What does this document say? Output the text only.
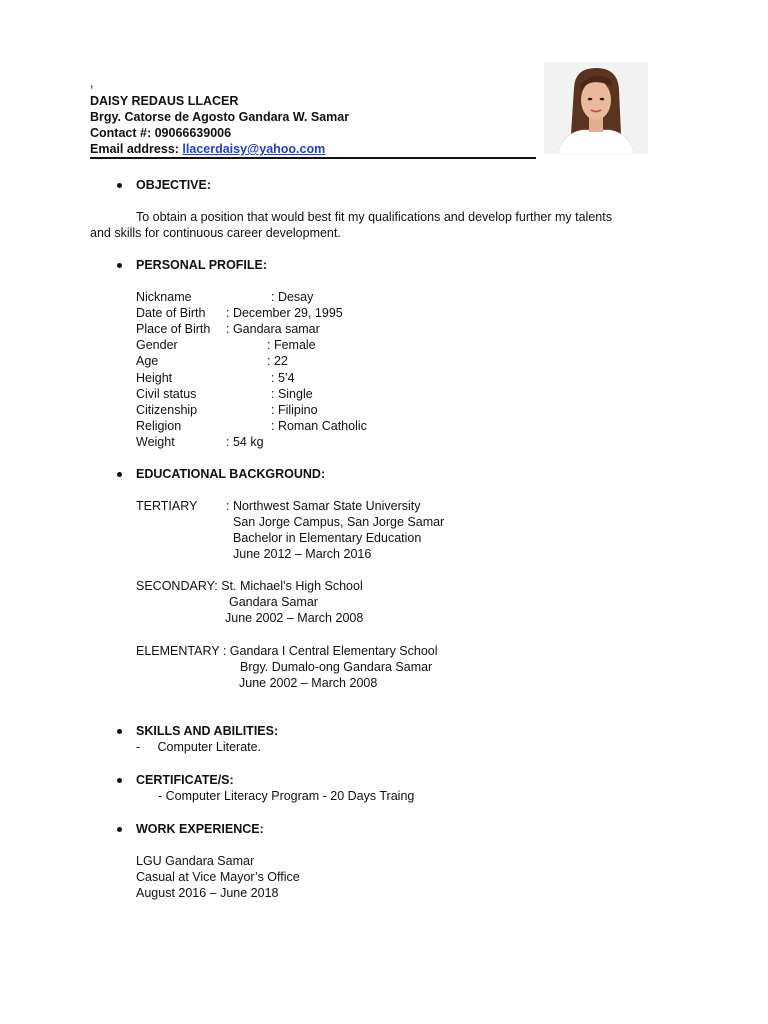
,
DAISY REDAUS LLACER
Brgy. Catorse de Agosto Gandara W. Samar
Contact #: 09066639006
Email address: llacerdaisy@yahoo.com
OBJECTIVE:
To obtain a position that would best fit my qualifications and develop further my talents
and skills for continuous career development.
PERSONAL PROFILE:
Nickname	: Desay
Date of Birth : December 29, 1995
Place of Birth : Gandara samar
Gender	: Female
Age	: 22
Height	: 5’4
Civil status	: Single
Citizenship	: Filipino
Religion	: Roman Catholic
Weight	: 54 kg
EDUCATIONAL BACKGROUND:
TERTIARY : Northwest Samar State University
San Jorge Campus, San Jorge Samar
Bachelor in Elementary Education
June 2012 – March 2016
SECONDARY: St. Michael’s High School
Gandara Samar
June 2002 – March 2008
ELEMENTARY : Gandara I Central Elementary School
Brgy. Dumalo-ong Gandara Samar
June 2002 – March 2008
SKILLS AND ABILITIES:
-     Computer Literate.
CERTIFICATE/S:
- Computer Literacy Program - 20 Days Traing
WORK EXPERIENCE:
LGU Gandara Samar
Casual at Vice Mayor’s Office
August 2016 – June 2018
